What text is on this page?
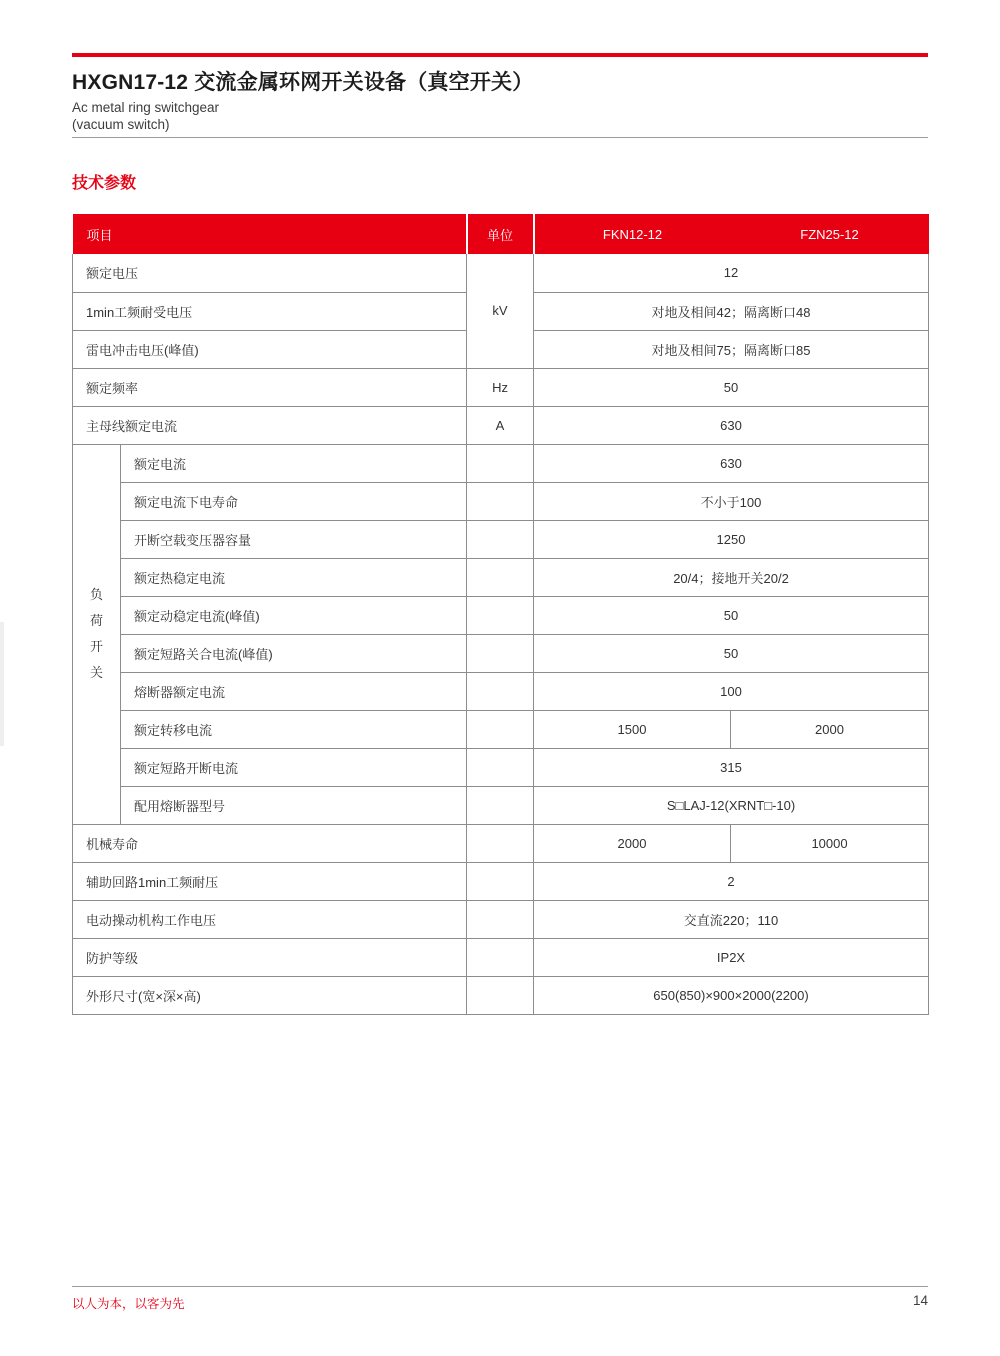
HXGN17-12 交流金属环网开关设备（真空开关）
Ac metal ring switchgear
(vacuum switch)
技术参数
项目		单位	FKN12-12	FZN25-12
额定电压		kV	12	
1min工频耐受电压			对地及相间42；隔离断口48	
雷电冲击电压(峰值)			对地及相间75；隔离断口85	
额定频率		Hz	50	
主母线额定电流		A	630	

负荷开关	额定电流		630	
	额定电流下电寿命		不小于100	
	开断空载变压器容量		1250	
	额定热稳定电流		20/4；接地开关20/2	
	额定动稳定电流(峰值)		50	
	额定短路关合电流(峰值)		50	
	熔断器额定电流		100	
	额定转移电流		1500	2000
	额定短路开断电流		315	
	配用熔断器型号		S□LAJ-12(XRNT□-10)	
机械寿命			2000	10000
辅助回路1min工频耐压			2	
电动操动机构工作电压			交直流220；110	
防护等级			IP2X	
外形尺寸(宽×深×高)			650(850)×900×2000(2200)	
以人为本，以客为先	14
